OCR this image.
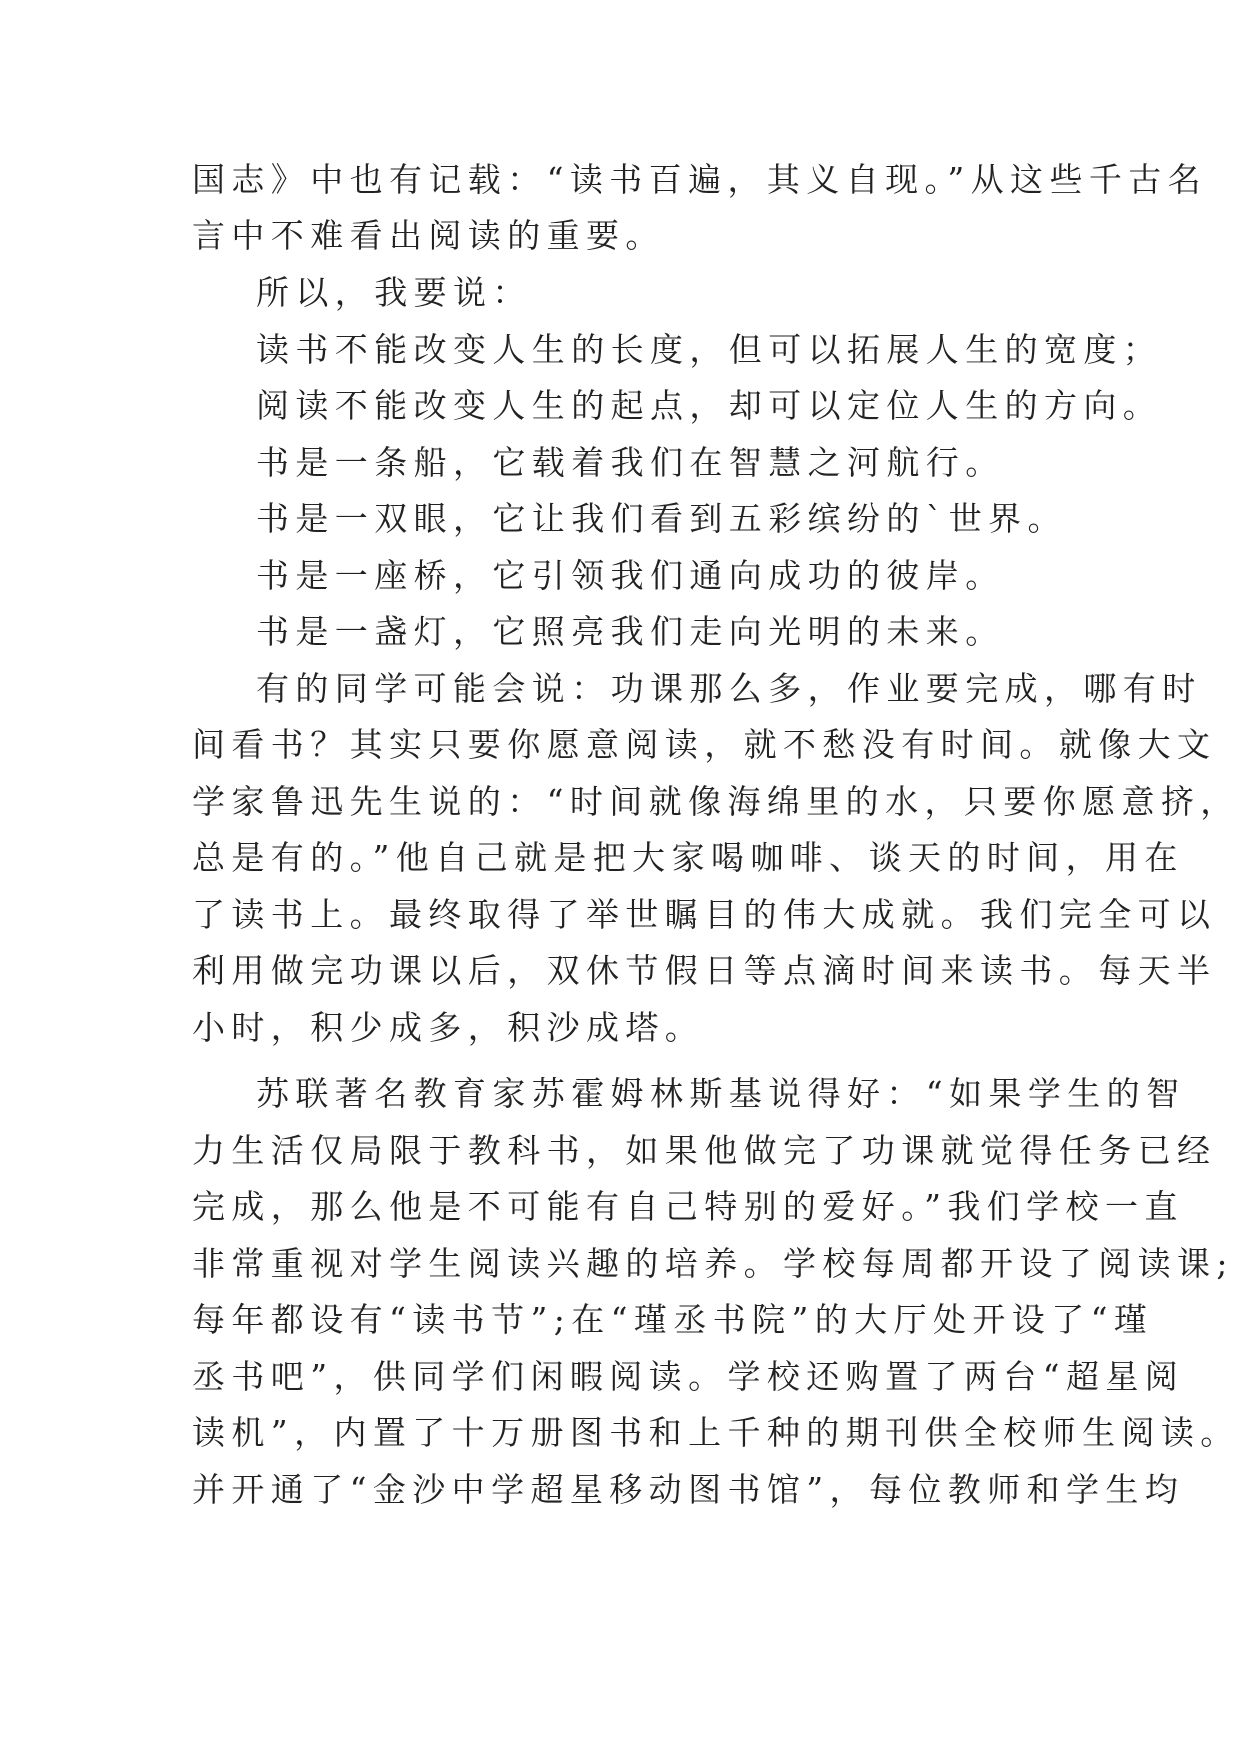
国志》中也有记载：“读书百遍，其义自现。”从这些千古名
言中不难看出阅读的重要。
所以，我要说：
读书不能改变人生的长度，但可以拓展人生的宽度；
阅读不能改变人生的起点，却可以定位人生的方向。
书是一条船，它载着我们在智慧之河航行。
书是一双眼，它让我们看到五彩缤纷的`世界。
书是一座桥，它引领我们通向成功的彼岸。
书是一盏灯，它照亮我们走向光明的未来。
有的同学可能会说：功课那么多，作业要完成，哪有时
间看书？其实只要你愿意阅读，就不愁没有时间。就像大文
学家鲁迅先生说的：“时间就像海绵里的水，只要你愿意挤，
总是有的。”他自己就是把大家喝咖啡、谈天的时间，用在
了读书上。最终取得了举世瞩目的伟大成就。我们完全可以
利用做完功课以后，双休节假日等点滴时间来读书。每天半
小时，积少成多，积沙成塔。
苏联著名教育家苏霍姆林斯基说得好：“如果学生的智
力生活仅局限于教科书，如果他做完了功课就觉得任务已经
完成，那么他是不可能有自己特别的爱好。”我们学校一直
非常重视对学生阅读兴趣的培养。学校每周都开设了阅读课;
每年都设有“读书节”;在“瑾丞书院”的大厅处开设了“瑾
丞书吧”，供同学们闲暇阅读。学校还购置了两台“超星阅
读机”，内置了十万册图书和上千种的期刊供全校师生阅读。
并开通了“金沙中学超星移动图书馆”，每位教师和学生均
